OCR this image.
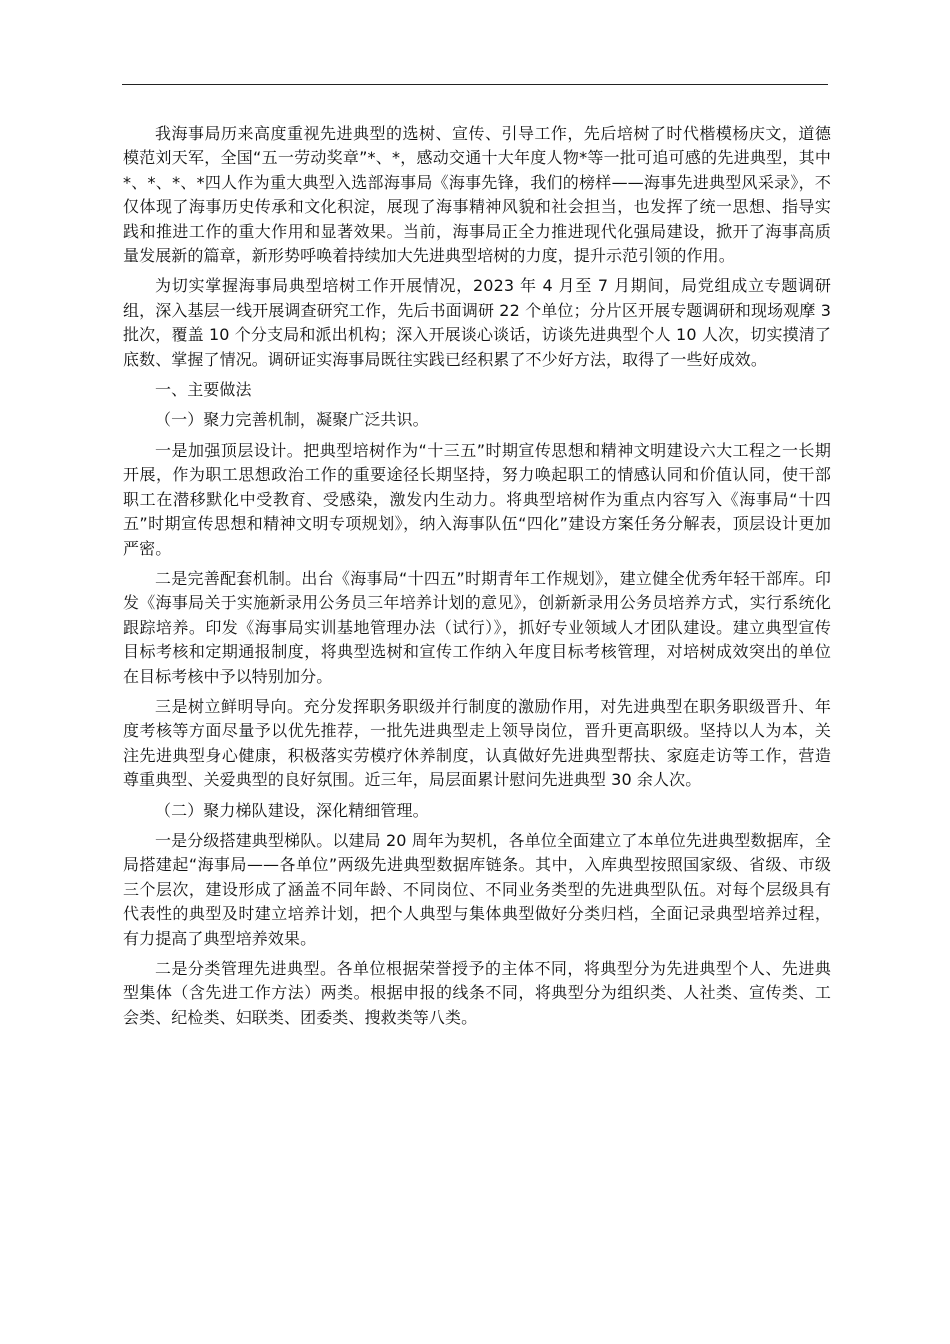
我海事局历来高度重视先进典型的选树、宣传、引导工作，先后培树了时代楷模杨庆文，道德模范刘天军，全国“五一劳动奖章”*、*，感动交通十大年度人物*等一批可追可感的先进典型，其中*、*、*、*四人作为重大典型入选部海事局《海事先锋，我们的榜样——海事先进典型风采录》，不仅体现了海事历史传承和文化积淀，展现了海事精神风貌和社会担当，也发挥了统一思想、指导实践和推进工作的重大作用和显著效果。当前，海事局正全力推进现代化强局建设，掀开了海事高质量发展新的篇章，新形势呼唤着持续加大先进典型培树的力度，提升示范引领的作用。

为切实掌握海事局典型培树工作开展情况，2023 年 4 月至 7 月期间，局党组成立专题调研组，深入基层一线开展调查研究工作，先后书面调研 22 个单位；分片区开展专题调研和现场观摩 3 批次，覆盖 10 个分支局和派出机构；深入开展谈心谈话，访谈先进典型个人 10 人次，切实摸清了底数、掌握了情况。调研证实海事局既往实践已经积累了不少好方法，取得了一些好成效。

一、主要做法

（一）聚力完善机制，凝聚广泛共识。

一是加强顶层设计。把典型培树作为“十三五”时期宣传思想和精神文明建设六大工程之一长期开展，作为职工思想政治工作的重要途径长期坚持，努力唤起职工的情感认同和价值认同，使干部职工在潜移默化中受教育、受感染，激发内生动力。将典型培树作为重点内容写入《海事局“十四五”时期宣传思想和精神文明专项规划》，纳入海事队伍“四化”建设方案任务分解表，顶层设计更加严密。

二是完善配套机制。出台《海事局“十四五”时期青年工作规划》，建立健全优秀年轻干部库。印发《海事局关于实施新录用公务员三年培养计划的意见》，创新新录用公务员培养方式，实行系统化跟踪培养。印发《海事局实训基地管理办法（试行）》，抓好专业领域人才团队建设。建立典型宣传目标考核和定期通报制度，将典型选树和宣传工作纳入年度目标考核管理，对培树成效突出的单位在目标考核中予以特别加分。

三是树立鲜明导向。充分发挥职务职级并行制度的激励作用，对先进典型在职务职级晋升、年度考核等方面尽量予以优先推荐，一批先进典型走上领导岗位，晋升更高职级。坚持以人为本，关注先进典型身心健康，积极落实劳模疗休养制度，认真做好先进典型帮扶、家庭走访等工作，营造尊重典型、关爱典型的良好氛围。近三年，局层面累计慰问先进典型 30 余人次。

（二）聚力梯队建设，深化精细管理。

一是分级搭建典型梯队。以建局 20 周年为契机，各单位全面建立了本单位先进典型数据库，全局搭建起“海事局——各单位”两级先进典型数据库链条。其中，入库典型按照国家级、省级、市级三个层次，建设形成了涵盖不同年龄、不同岗位、不同业务类型的先进典型队伍。对每个层级具有代表性的典型及时建立培养计划，把个人典型与集体典型做好分类归档，全面记录典型培养过程，有力提高了典型培养效果。

二是分类管理先进典型。各单位根据荣誉授予的主体不同，将典型分为先进典型个人、先进典型集体（含先进工作方法）两类。根据申报的线条不同，将典型分为组织类、人社类、宣传类、工会类、纪检类、妇联类、团委类、搜救类等八类。
